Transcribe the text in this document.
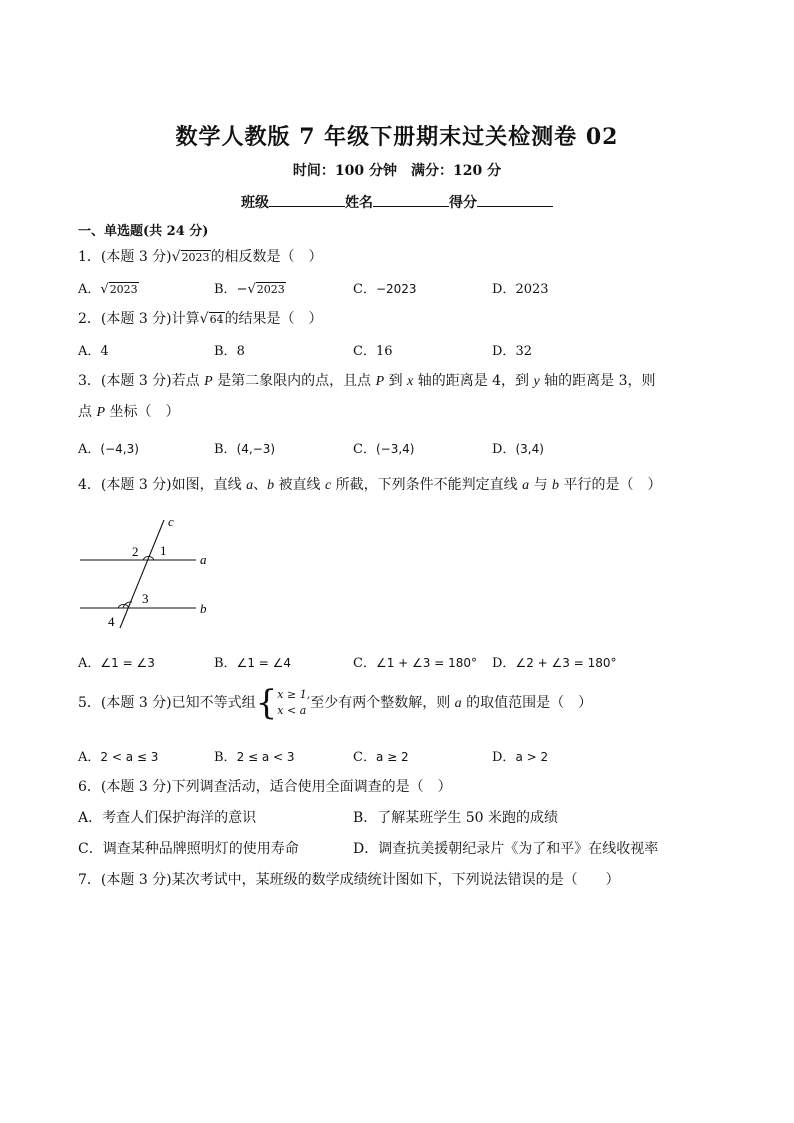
数学人教版 7 年级下册期末过关检测卷 02
时间：100 分钟　满分：120 分
班级	姓名	得分
一、单选题(共 24 分)
1．(本题 3 分)√2023的相反数是（　）
A．√2023	B．−√2023	C．−2023	D．2023
2．(本题 3 分)计算√64的结果是（　）
A．4	B．8	C．16	D．32
3．(本题 3 分)若点 P 是第二象限内的点，且点 P 到 x 轴的距离是 4，到 y 轴的距离是 3，则
点 P 坐标（　）
A．(−4,3)	B．(4,−3)	C．(−3,4)	D．(3,4)
4．(本题 3 分)如图，直线 a、b 被直线 c 所截，下列条件不能判定直线 a 与 b 平行的是（　）
c
2 1
a
3
b
4
A．∠1 = ∠3	B．∠1 = ∠4	C．∠1 + ∠3 = 180° D．∠2 + ∠3 = 180°
5．(本题 3 分)已知不等式组{x ≥ 1,
x < a 至少有两个整数解，则 a 的取值范围是（　）
A．2 < a ≤ 3	B．2 ≤ a < 3	C．a ≥ 2	D．a > 2
6．(本题 3 分)下列调查活动，适合使用全面调查的是（　）
A．考查人们保护海洋的意识	B．了解某班学生 50 米跑的成绩
C．调查某种品牌照明灯的使用寿命	D．调查抗美援朝纪录片《为了和平》在线收视率
7．(本题 3 分)某次考试中，某班级的数学成绩统计图如下，下列说法错误的是（　　）
